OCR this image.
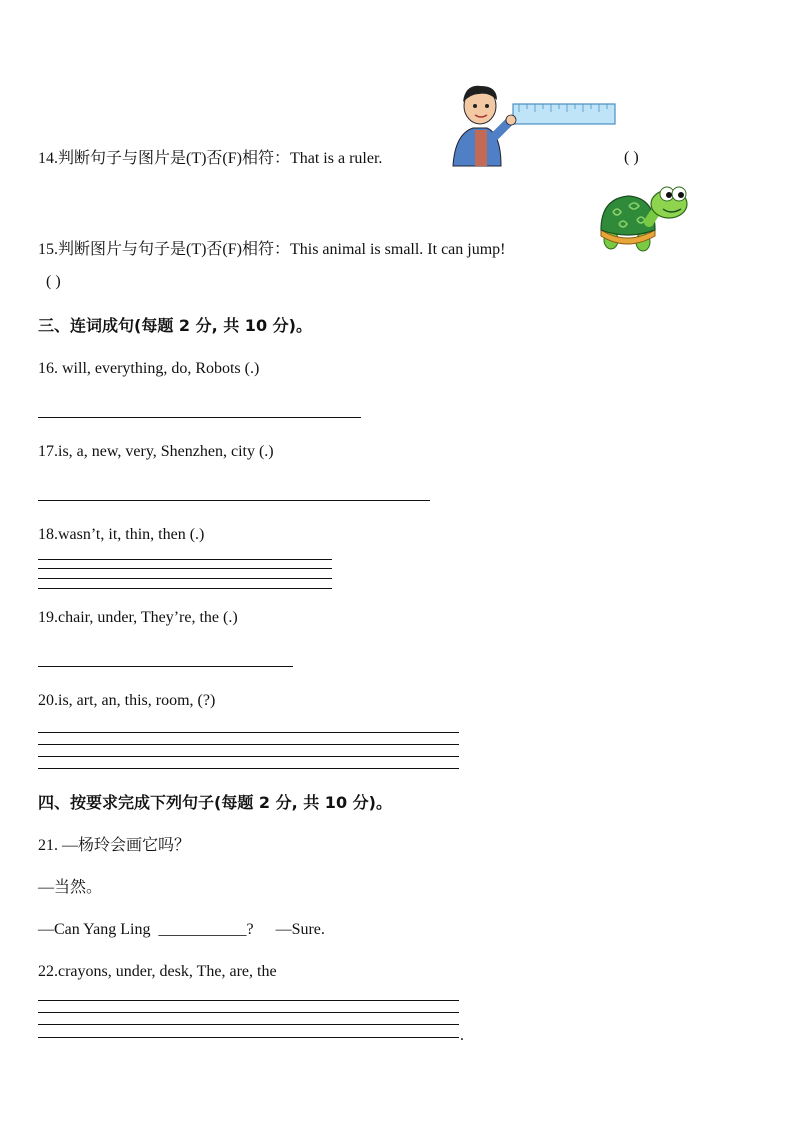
14.判断句子与图片是(T)否(F)相符：That is a ruler.	( )
15.判断图片与句子是(T)否(F)相符：This animal is small. It can jump!
( )
三、连词成句(每题 2 分, 共 10 分)。
16. will, everything, do, Robots (.)
17.is, a, new, very, Shenzhen, city (.)
18.wasn’t, it, thin, then (.)
19.chair, under, They’re, the (.)
20.is, art, an, this, room, (?)
四、按要求完成下列句子(每题 2 分, 共 10 分)。
21. —杨玲会画它吗？
—当然。
—Can Yang Ling ___________? —Sure.
22.crayons, under, desk, The, are, the
.
